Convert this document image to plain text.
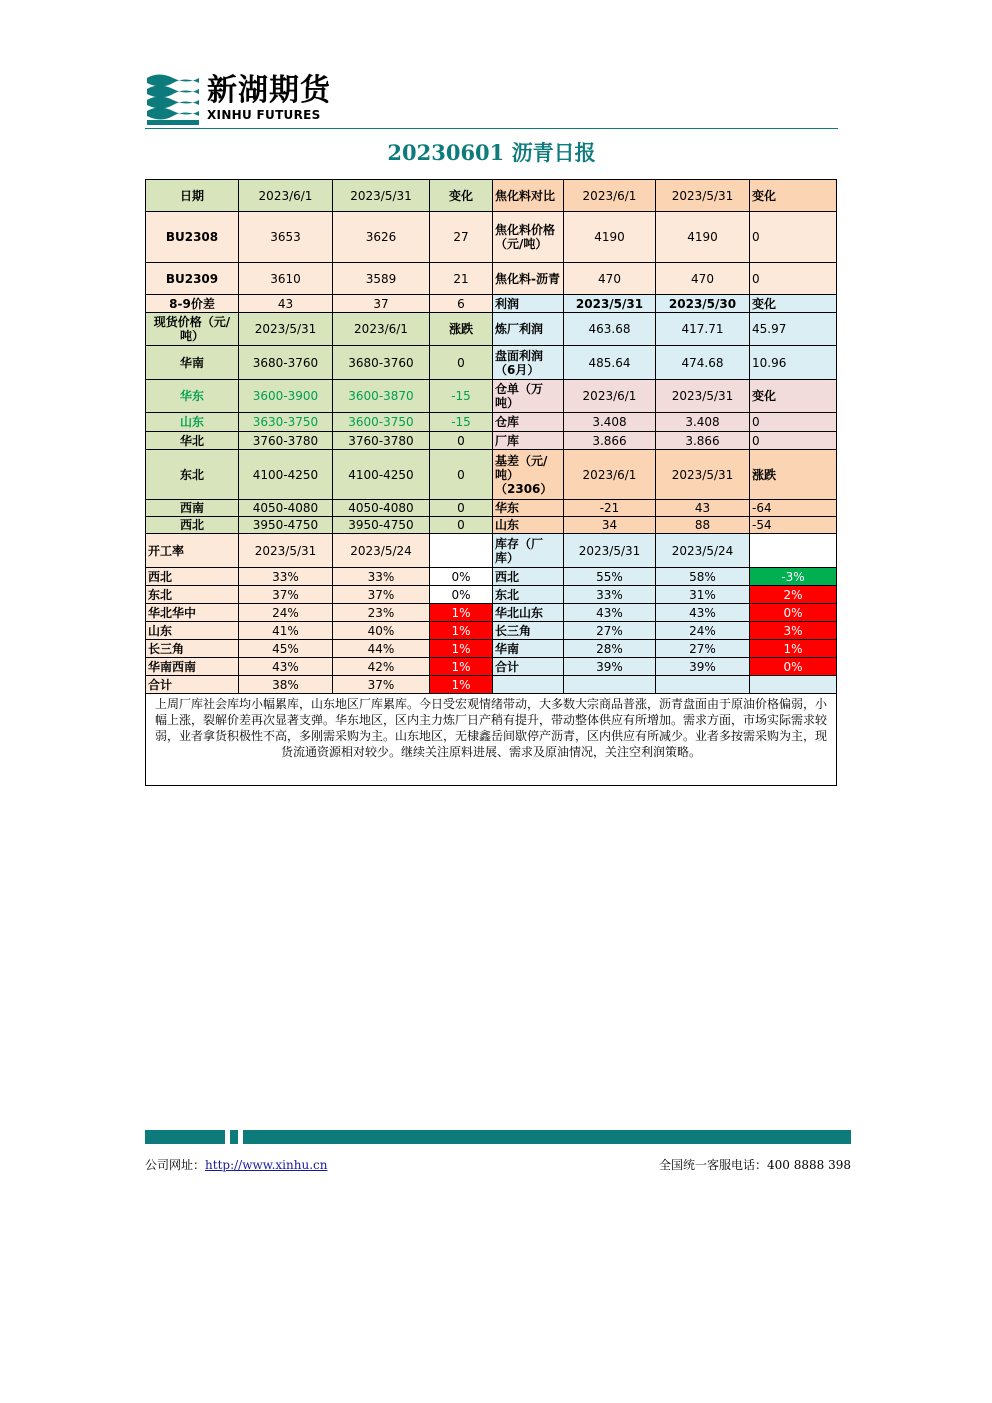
新湖期货
XINHU FUTURES
20230601 沥青日报
日期	2023/6/1	2023/5/31	变化	焦化料对比	2023/6/1	2023/5/31	变化
BU2308	3653	3626	27	焦化料价格（元/吨）	4190	4190	0
BU2309	3610	3589	21	焦化料-沥青	470	470	0
8-9价差	43	37	6	利润	2023/5/31	2023/5/30	变化
现货价格（元/吨）	2023/5/31	2023/6/1	涨跌	炼厂利润	463.68	417.71	45.97
华南	3680-3760	3680-3760	0	盘面利润（6月）	485.64	474.68	10.96
华东	3600-3900	3600-3870	-15	仓单（万吨）	2023/6/1	2023/5/31	变化
山东	3630-3750	3600-3750	-15	仓库	3.408	3.408	0
华北	3760-3780	3760-3780	0	厂库	3.866	3.866	0
东北	4100-4250	4100-4250	0	基差（元/吨）（2306）	2023/6/1	2023/5/31	涨跌
西南	4050-4080	4050-4080	0	华东	-21	43	-64
西北	3950-4750	3950-4750	0	山东	34	88	-54
开工率	2023/5/31	2023/5/24		库存（厂库）	2023/5/31	2023/5/24	
西北	33%	33%	0%	西北	55%	58%	-3%
东北	37%	37%	0%	东北	33%	31%	2%
华北华中	24%	23%	1%	华北山东	43%	43%	0%
山东	41%	40%	1%	长三角	27%	24%	3%
长三角	45%	44%	1%	华南	28%	27%	1%
华南西南	43%	42%	1%	合计	39%	39%	0%
合计	38%	37%	1%				
上周厂库社会库均小幅累库，山东地区厂库累库。今日受宏观情绪带动，大多数大宗商品普涨，沥青盘面由于原油价格偏弱，小幅上涨，裂解价差再次显著支弹。华东地区，区内主力炼厂日产稍有提升，带动整体供应有所增加。需求方面，市场实际需求较弱，业者拿货积极性不高，多刚需采购为主。山东地区，无棣鑫岳间歇停产沥青，区内供应有所减少。业者多按需采购为主，现货流通资源相对较少。继续关注原料进展、需求及原油情况，关注空利润策略。							
公司网址：http://www.xinhu.cn	全国统一客服电话：400 8888 398
